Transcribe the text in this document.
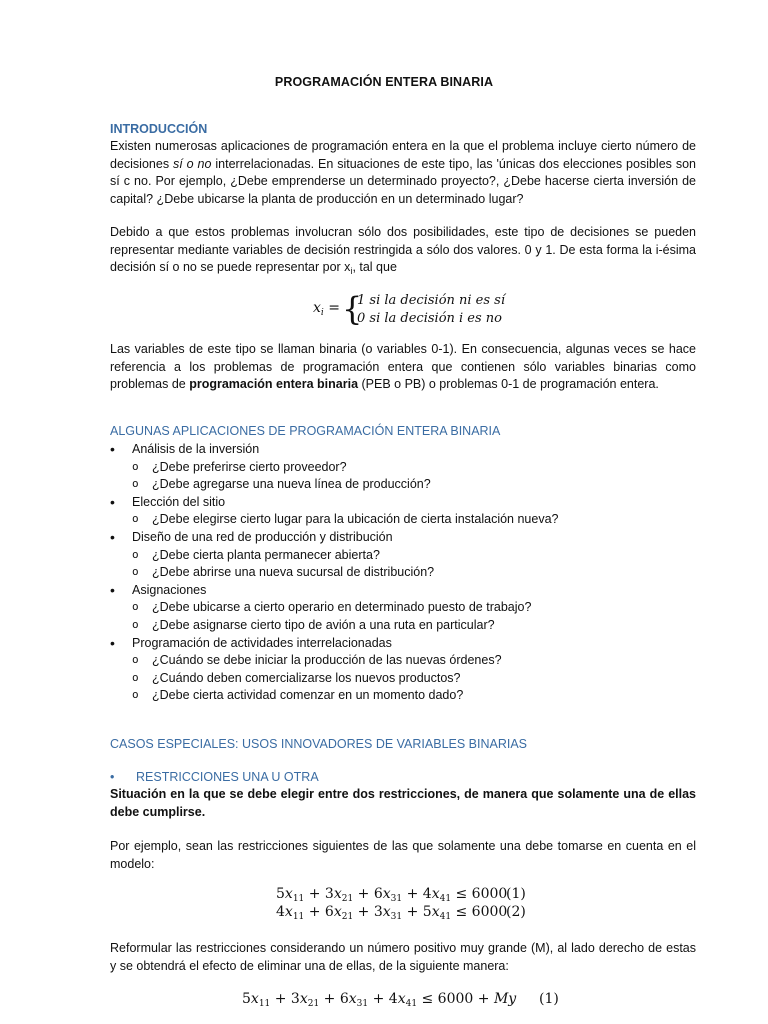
PROGRAMACIÓN ENTERA BINARIA
INTRODUCCIÓN
Existen numerosas aplicaciones de programación entera en la que el problema incluye cierto número de decisiones sí o no interrelacionadas. En situaciones de este tipo, las 'únicas dos elecciones posibles son sí c no. Por ejemplo, ¿Debe emprenderse un determinado proyecto?, ¿Debe hacerse cierta inversión de capital? ¿Debe ubicarse la planta de producción en un determinado lugar?
Debido a que estos problemas involucran sólo dos posibilidades, este tipo de decisiones se pueden representar mediante variables de decisión restringida a sólo dos valores. 0 y 1. De esta forma la i-ésima decisión sí o no se puede representar por $x_i$, tal que
$x_i$ = {
1 si la decisión ni es sí
0 si la decisión i es no
Las variables de este tipo se llaman binaria (o variables 0-1). En consecuencia, algunas veces se hace referencia a los problemas de programación entera que contienen sólo variables binarias como problemas de programación entera binaria (PEB o PB) o problemas 0-1 de programación entera.
ALGUNAS APLICACIONES DE PROGRAMACIÓN ENTERA BINARIA
• Análisis de la inversión
o ¿Debe preferirse cierto proveedor?
o ¿Debe agregarse una nueva línea de producción?
• Elección del sitio
o ¿Debe elegirse cierto lugar para la ubicación de cierta instalación nueva?
• Diseño de una red de producción y distribución
o ¿Debe cierta planta permanecer abierta?
o ¿Debe abrirse una nueva sucursal de distribución?
• Asignaciones
o ¿Debe ubicarse a cierto operario en determinado puesto de trabajo?
o ¿Debe asignarse cierto tipo de avión a una ruta en particular?
• Programación de actividades interrelacionadas
o ¿Cuándo se debe iniciar la producción de las nuevas órdenes?
o ¿Cuándo deben comercializarse los nuevos productos?
o ¿Debe cierta actividad comenzar en un momento dado?
CASOS ESPECIALES: USOS INNOVADORES DE VARIABLES BINARIAS
• RESTRICCIONES UNA U OTRA
Situación en la que se debe elegir entre dos restricciones, de manera que solamente una de ellas debe cumplirse.
Por ejemplo, sean las restricciones siguientes de las que solamente una debe tomarse en cuenta en el modelo:
$5x_{11} + 3x_{21} + 6x_{31} + 4x_{41} \le 6000$
(1)
$4x_{11} + 6x_{21} + 3x_{31} + 5x_{41} \le 6000$
(2)
Reformular las restricciones considerando un número positivo muy grande (M), al lado derecho de estas y se obtendrá el efecto de eliminar una de ellas, de la siguiente manera:
$5x_{11} + 3x_{21} + 6x_{31} + 4x_{41} \le 6000 + My$ (1)
